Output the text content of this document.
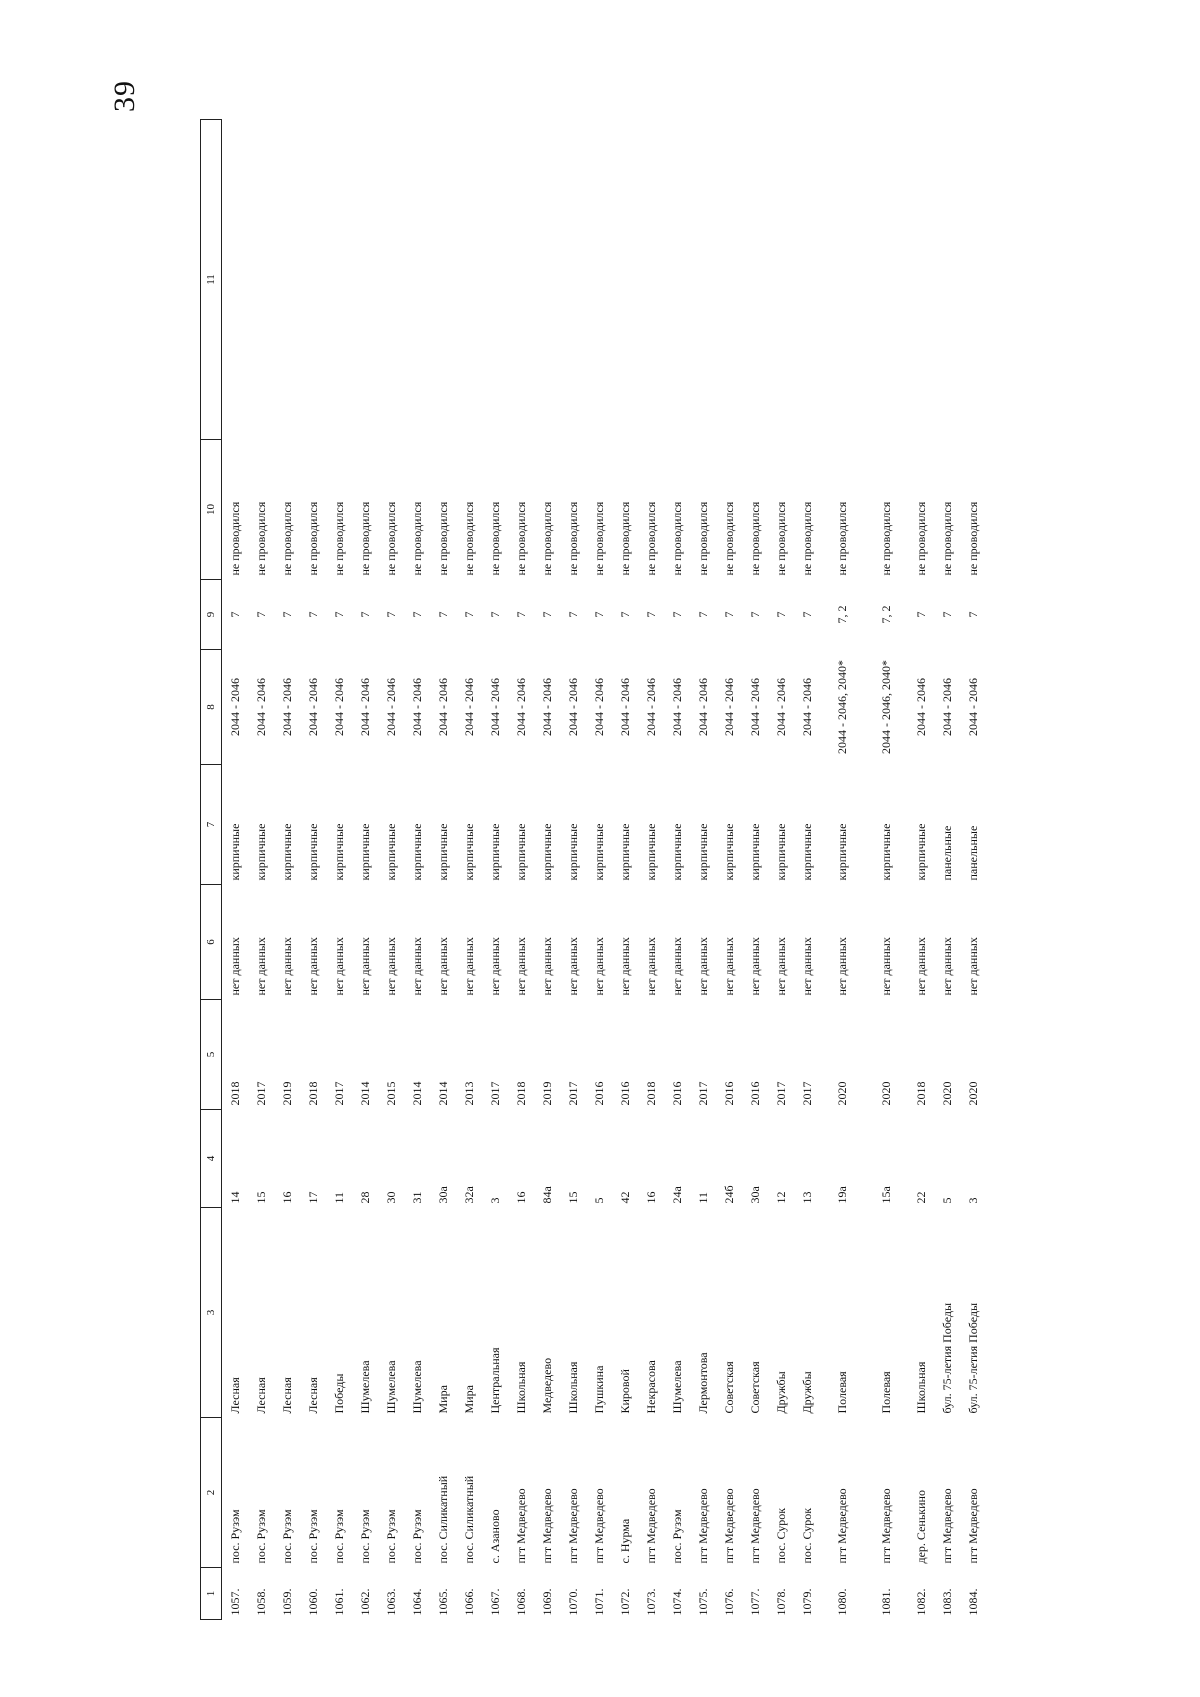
39
1	2	3	4	5	6	7	8	9	10	11
1057.	пос. Рузэм	Лесная	14	2018	нет данных	кирпичные	2044 - 2046	7	не проводился	
1058.	пос. Рузэм	Лесная	15	2017	нет данных	кирпичные	2044 - 2046	7	не проводился	
1059.	пос. Рузэм	Лесная	16	2019	нет данных	кирпичные	2044 - 2046	7	не проводился	
1060.	пос. Рузэм	Лесная	17	2018	нет данных	кирпичные	2044 - 2046	7	не проводился	
1061.	пос. Рузэм	Победы	11	2017	нет данных	кирпичные	2044 - 2046	7	не проводился	
1062.	пос. Рузэм	Шумелева	28	2014	нет данных	кирпичные	2044 - 2046	7	не проводился	
1063.	пос. Рузэм	Шумелева	30	2015	нет данных	кирпичные	2044 - 2046	7	не проводился	
1064.	пос. Рузэм	Шумелева	31	2014	нет данных	кирпичные	2044 - 2046	7	не проводился	
1065.	пос. Силикатный	Мира	30а	2014	нет данных	кирпичные	2044 - 2046	7	не проводился	
1066.	пос. Силикатный	Мира	32а	2013	нет данных	кирпичные	2044 - 2046	7	не проводился	
1067.	с. Азаново	Центральная	3	2017	нет данных	кирпичные	2044 - 2046	7	не проводился	
1068.	пгт Медведево	Школьная	16	2018	нет данных	кирпичные	2044 - 2046	7	не проводился	
1069.	пгт Медведево	Медведево	84а	2019	нет данных	кирпичные	2044 - 2046	7	не проводился	
1070.	пгт Медведево	Школьная	15	2017	нет данных	кирпичные	2044 - 2046	7	не проводился	
1071.	пгт Медведево	Пушкина	5	2016	нет данных	кирпичные	2044 - 2046	7	не проводился	
1072.	с. Нурма	Кировой	42	2016	нет данных	кирпичные	2044 - 2046	7	не проводился	
1073.	пгт Медведево	Некрасова	16	2018	нет данных	кирпичные	2044 - 2046	7	не проводился	
1074.	пос. Рузэм	Шумелева	24а	2016	нет данных	кирпичные	2044 - 2046	7	не проводился	
1075.	пгт Медведево	Лермонтова	11	2017	нет данных	кирпичные	2044 - 2046	7	не проводился	
1076.	пгт Медведево	Советская	24б	2016	нет данных	кирпичные	2044 - 2046	7	не проводился	
1077.	пгт Медведево	Советская	30а	2016	нет данных	кирпичные	2044 - 2046	7	не проводился	
1078.	пос. Сурок	Дружбы	12	2017	нет данных	кирпичные	2044 - 2046	7	не проводился	
1079.	пос. Сурок	Дружбы	13	2017	нет данных	кирпичные	2044 - 2046	7	не проводился	
1080.	пгт Медведево	Полевая	19а	2020	нет данных	кирпичные	2044 - 2046, 2040*	7, 2	не проводился	
1081.	пгт Медведево	Полевая	15а	2020	нет данных	кирпичные	2044 - 2046, 2040*	7, 2	не проводился	
1082.	дер. Сенькино	Школьная	22	2018	нет данных	кирпичные	2044 - 2046	7	не проводился	
1083.	пгт Медведево	бул. 75-летия Победы	5	2020	нет данных	панельные	2044 - 2046	7	не проводился	
1084.	пгт Медведево	бул. 75-летия Победы	3	2020	нет данных	панельные	2044 - 2046	7	не проводился	
